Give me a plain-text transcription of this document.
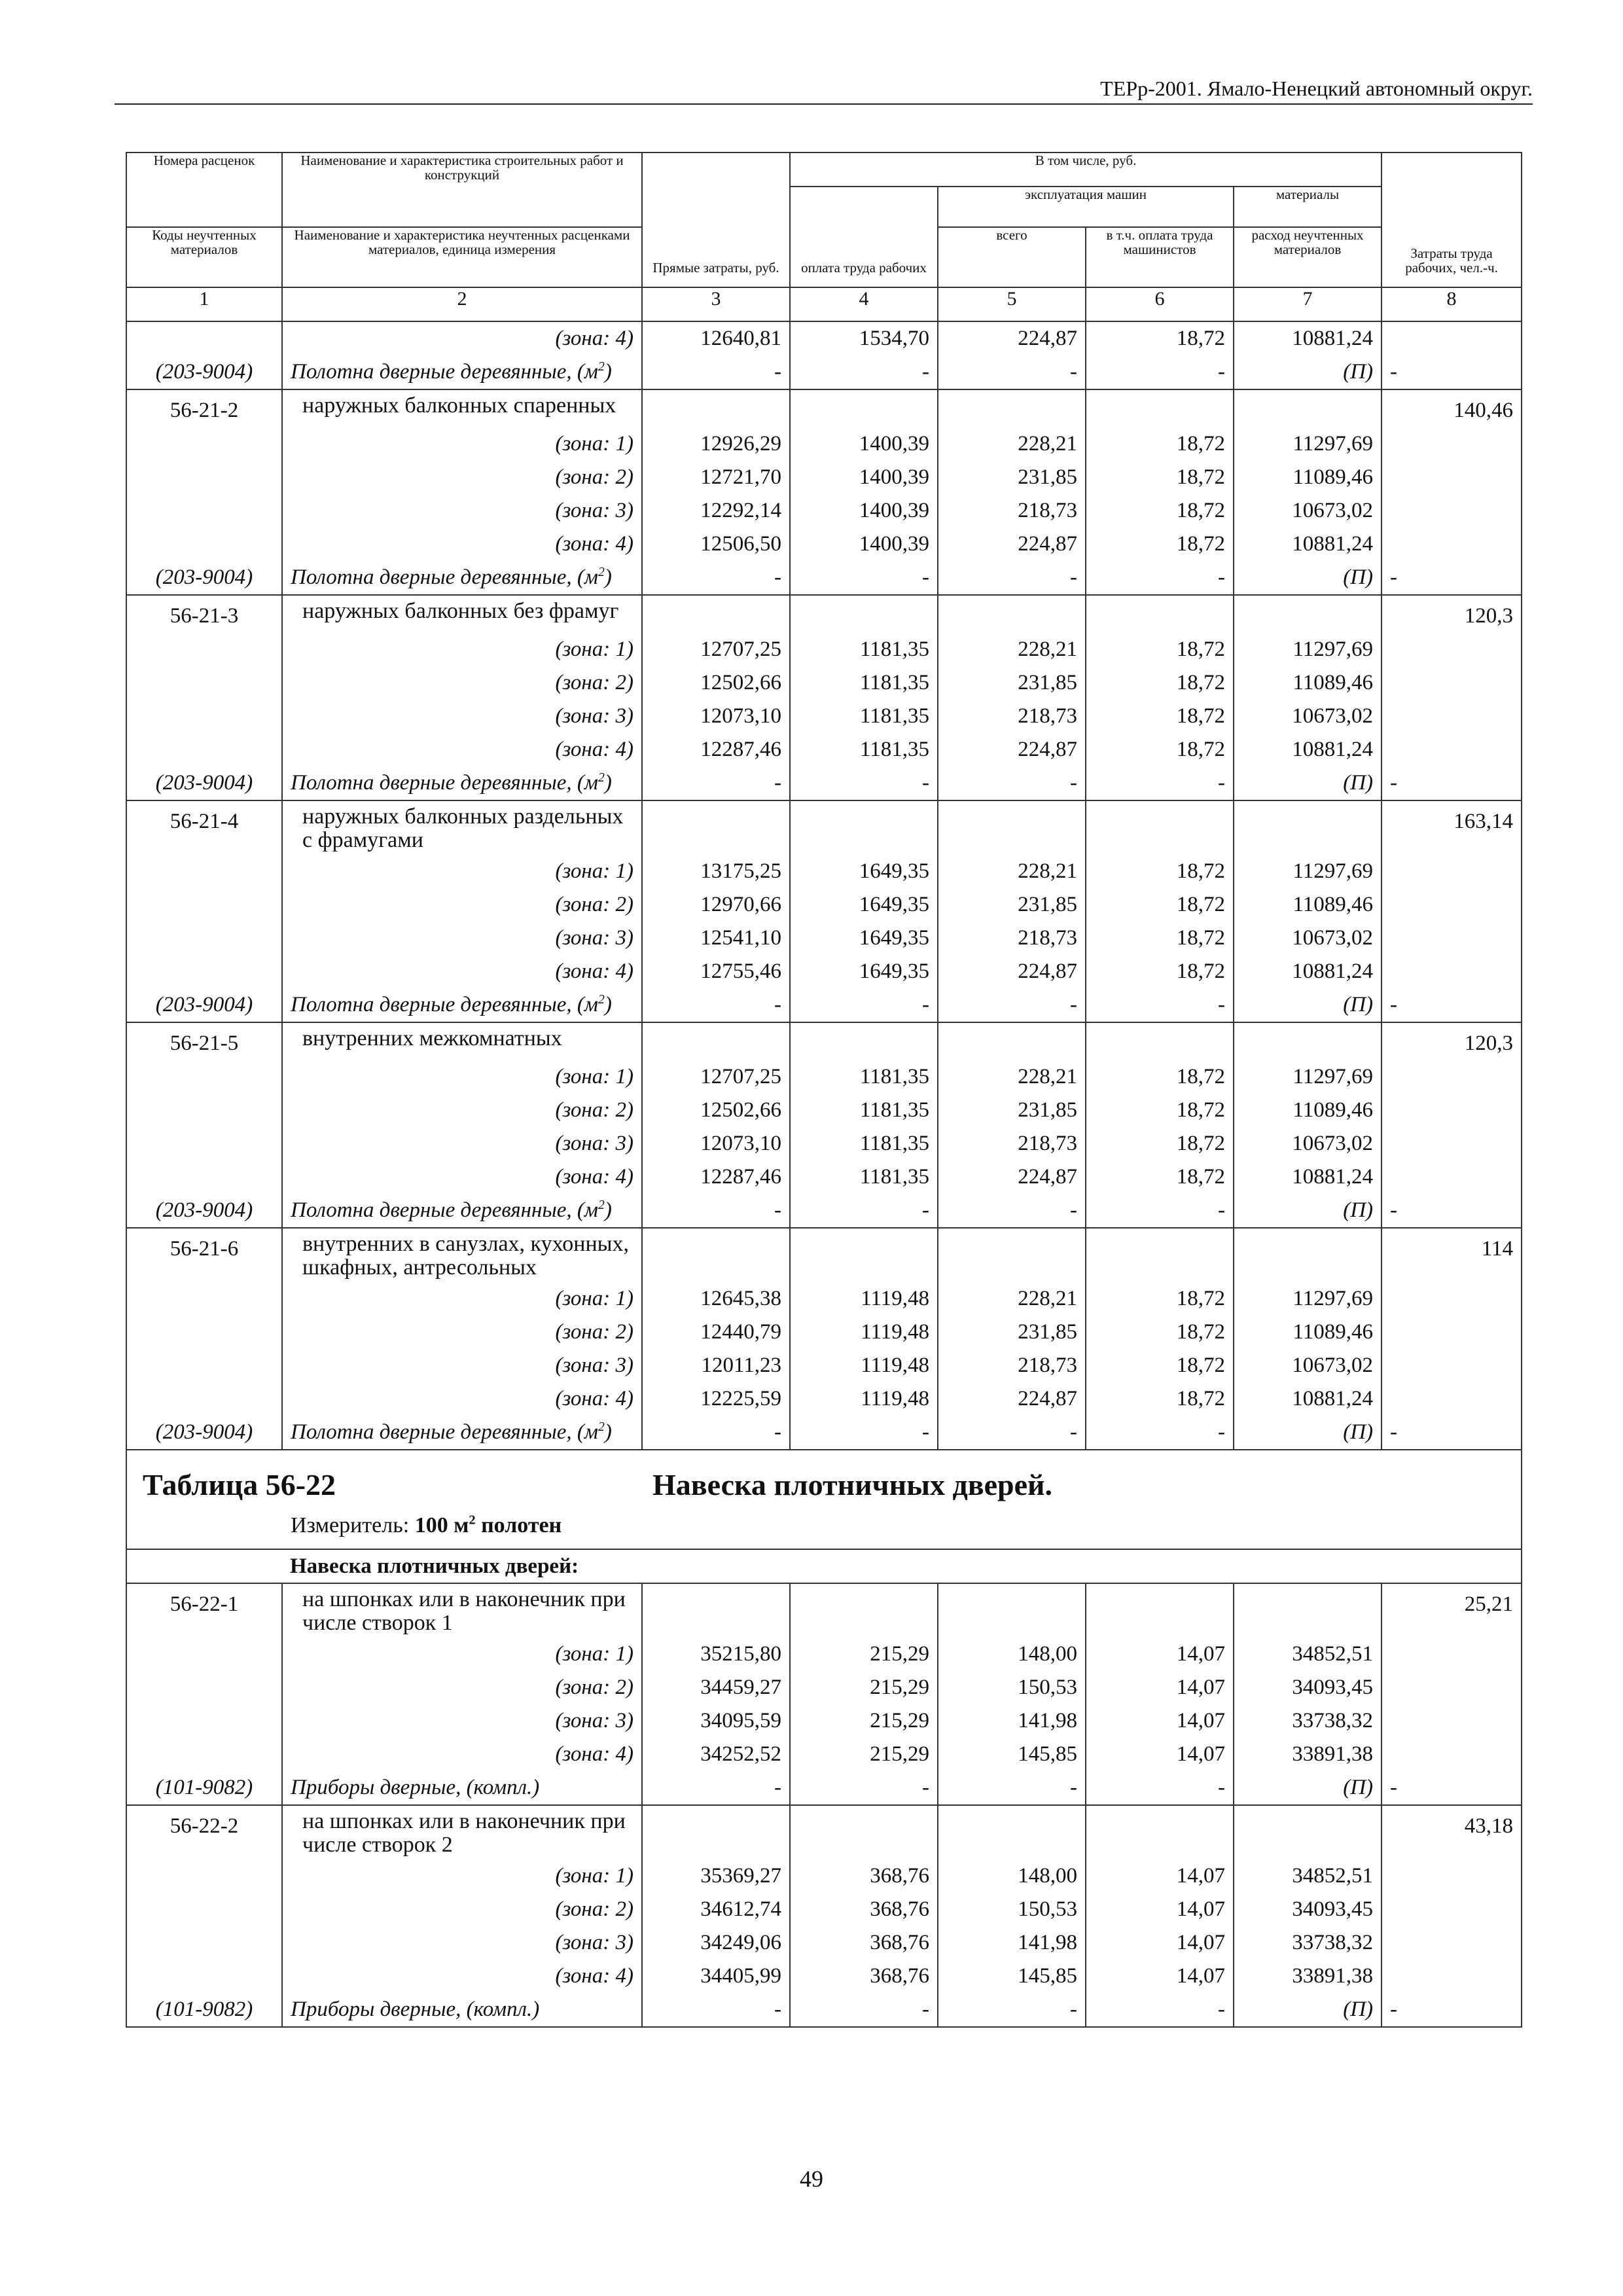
ТЕРр-2001. Ямало-Ненецкий автономный округ.
Номера расценок	Наименование и характеристика строительных работ и конструкций	Прямые затраты, руб.	В том числе, руб.				Затраты труда рабочих, чел.-ч.
			оплата труда рабочих	эксплуатация машин		материалы	
Коды неучтенных материалов	Наименование и характеристика неучтенных расценками материалов, единица измерения			всего	в т.ч. оплата труда машинистов	расход неучтенных материалов	

1	2	3	4	5	6	7	8
	(зона: 4)	12640,81	1534,70	224,87	18,72	10881,24	
(203-9004)	Полотна дверные деревянные, $(м^2)$	-	-	-	-	(П)	-
56-21-2	наружных балконных спаренных						140,46
	(зона: 1)	12926,29	1400,39	228,21	18,72	11297,69	
	(зона: 2)	12721,70	1400,39	231,85	18,72	11089,46	
	(зона: 3)	12292,14	1400,39	218,73	18,72	10673,02	
	(зона: 4)	12506,50	1400,39	224,87	18,72	10881,24	
(203-9004)	Полотна дверные деревянные, $(м^2)$	-	-	-	-	(П)	-
56-21-3	наружных балконных без фрамуг						120,3
	(зона: 1)	12707,25	1181,35	228,21	18,72	11297,69	
	(зона: 2)	12502,66	1181,35	231,85	18,72	11089,46	
	(зона: 3)	12073,10	1181,35	218,73	18,72	10673,02	
	(зона: 4)	12287,46	1181,35	224,87	18,72	10881,24	
(203-9004)	Полотна дверные деревянные, $(м^2)$	-	-	-	-	(П)	-
56-21-4	наружных балконных раздельных с фрамугами						163,14
	(зона: 1)	13175,25	1649,35	228,21	18,72	11297,69	
	(зона: 2)	12970,66	1649,35	231,85	18,72	11089,46	
	(зона: 3)	12541,10	1649,35	218,73	18,72	10673,02	
	(зона: 4)	12755,46	1649,35	224,87	18,72	10881,24	
(203-9004)	Полотна дверные деревянные, $(м^2)$	-	-	-	-	(П)	-
56-21-5	внутренних межкомнатных						120,3
	(зона: 1)	12707,25	1181,35	228,21	18,72	11297,69	
	(зона: 2)	12502,66	1181,35	231,85	18,72	11089,46	
	(зона: 3)	12073,10	1181,35	218,73	18,72	10673,02	
	(зона: 4)	12287,46	1181,35	224,87	18,72	10881,24	
(203-9004)	Полотна дверные деревянные, $(м^2)$	-	-	-	-	(П)	-
56-21-6	внутренних в санузлах, кухонных, шкафных, антресольных						114
	(зона: 1)	12645,38	1119,48	228,21	18,72	11297,69	
	(зона: 2)	12440,79	1119,48	231,85	18,72	11089,46	
	(зона: 3)	12011,23	1119,48	218,73	18,72	10673,02	
	(зона: 4)	12225,59	1119,48	224,87	18,72	10881,24	
(203-9004)	Полотна дверные деревянные, $(м^2)$	-	-	-	-	(П)	-

Таблица 56-22 Навеска плотничных дверей.
Измеритель: 100 $м^2$ полотен							

	Навеска плотничных дверей:						
56-22-1	на шпонках или в наконечник при числе створок 1						25,21
	(зона: 1)	35215,80	215,29	148,00	14,07	34852,51	
	(зона: 2)	34459,27	215,29	150,53	14,07	34093,45	
	(зона: 3)	34095,59	215,29	141,98	14,07	33738,32	
	(зона: 4)	34252,52	215,29	145,85	14,07	33891,38	
(101-9082)	Приборы дверные, (компл.)	-	-	-	-	(П)	-
56-22-2	на шпонках или в наконечник при числе створок 2						43,18
	(зона: 1)	35369,27	368,76	148,00	14,07	34852,51	
	(зона: 2)	34612,74	368,76	150,53	14,07	34093,45	
	(зона: 3)	34249,06	368,76	141,98	14,07	33738,32	
	(зона: 4)	34405,99	368,76	145,85	14,07	33891,38	
(101-9082)	Приборы дверные, (компл.)	-	-	-	-	(П)	-
49
